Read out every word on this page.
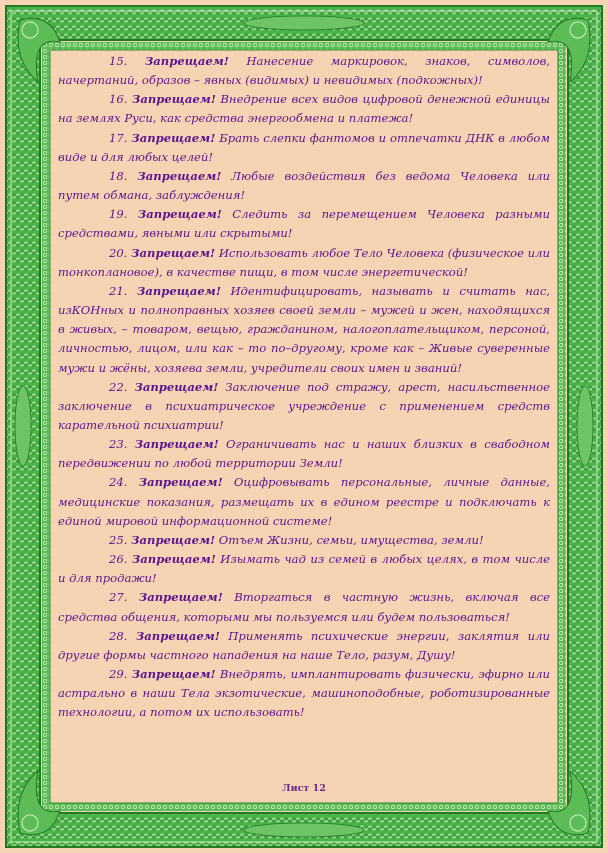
15. Запрещаем! Нанесение маркировок, знаков, символов, начертаний, образов – явных (видимых) и невидимых (подкожных)!

16. Запрещаем! Внедрение всех видов цифровой денежной единицы на землях Руси, как средства энергообмена и платежа!

17. Запрещаем! Брать слепки фантомов и отпечатки ДНК в любом виде и для любых целей!

18. Запрещаем! Любые воздействия без ведома Человека или путем обмана, заблуждения!

19. Запрещаем! Следить за перемещением Человека разными средствами, явными или скрытыми!

20. Запрещаем! Использовать любое Тело Человека (физическое или тонкоплановое), в качестве пищи, в том числе энергетической!

21. Запрещаем! Идентифицировать, называть и считать нас, изКОНных и полноправных хозяев своей земли – мужей и жен, находящихся в живых, – товаром, вещью, гражданином, налогоплательщиком, персоной, личностью, лицом, или как – то по–другому, кроме как – Живые суверенные мужи и жёны, хозяева земли, учредители своих имен и званий!

22. Запрещаем! Заключение под стражу, арест, насильственное заключение в психиатрическое учреждение с применением средств карательной психиатрии!

23. Запрещаем! Ограничивать нас и наших близких в свабодном передвижении по любой территории Земли!

24. Запрещаем! Оцифровывать персональные, личные данные, медицинские показания, размещать их в едином реестре и подключать к единой мировой информационной системе!

25. Запрещаем! Отъем Жизни, семьи, имущества, земли!

26. Запрещаем! Изымать чад из семей в любых целях, в том числе и для продажи!

27. Запрещаем! Вторгаться в частную жизнь, включая все средства общения, которыми мы пользуемся или будем пользоваться!

28. Запрещаем! Применять психические энергии, заклятия или другие формы частного нападения на наше Тело, разум, Душу!

29. Запрещаем! Внедрять, имплантировать физически, эфирно или астрально в наши Тела экзотические, машиноподобные, роботизированные технологии, а потом их использовать!

Лист 12
